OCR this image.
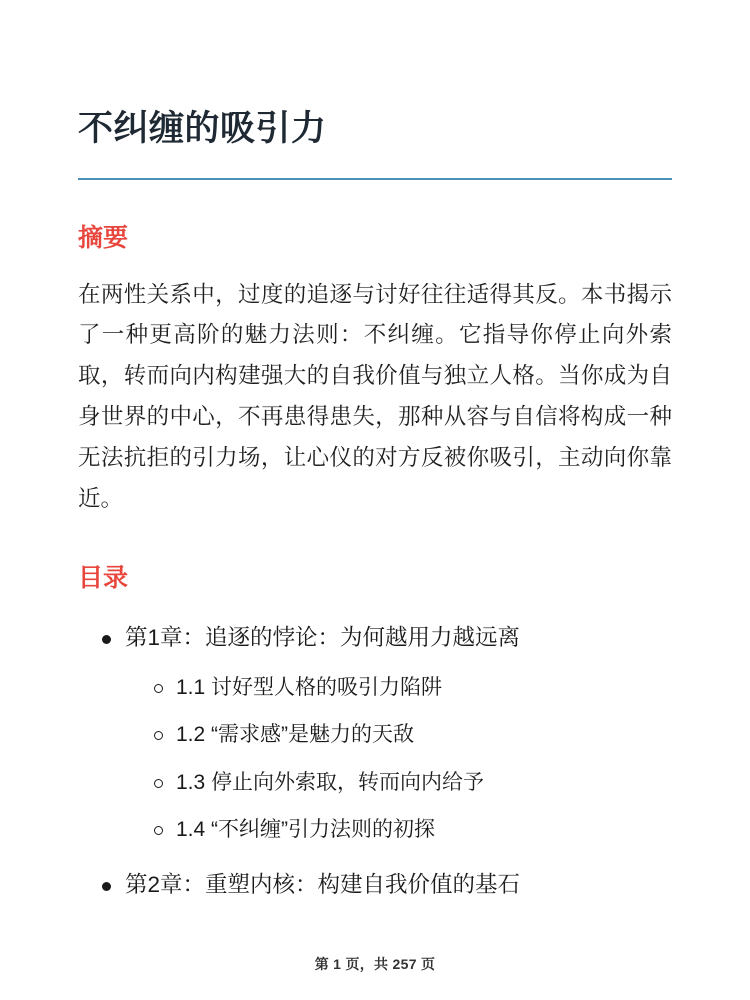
不纠缠的吸引力
摘要

在两性关系中，过度的追逐与讨好往往适得其反。本书揭示了一种更高阶的魅力法则：不纠缠。它指导你停止向外索取，转而向内构建强大的自我价值与独立人格。当你成为自身世界的中心，不再患得患失，那种从容与自信将构成一种无法抗拒的引力场，让心仪的对方反被你吸引，主动向你靠近。

目录
第1章：追逐的悖论：为何越用力越远离
1.1 讨好型人格的吸引力陷阱
1.2 “需求感”是魅力的天敌
1.3 停止向外索取，转而向内给予
1.4 “不纠缠”引力法则的初探
第2章：重塑内核：构建自我价值的基石
第 1 页，共 257 页
